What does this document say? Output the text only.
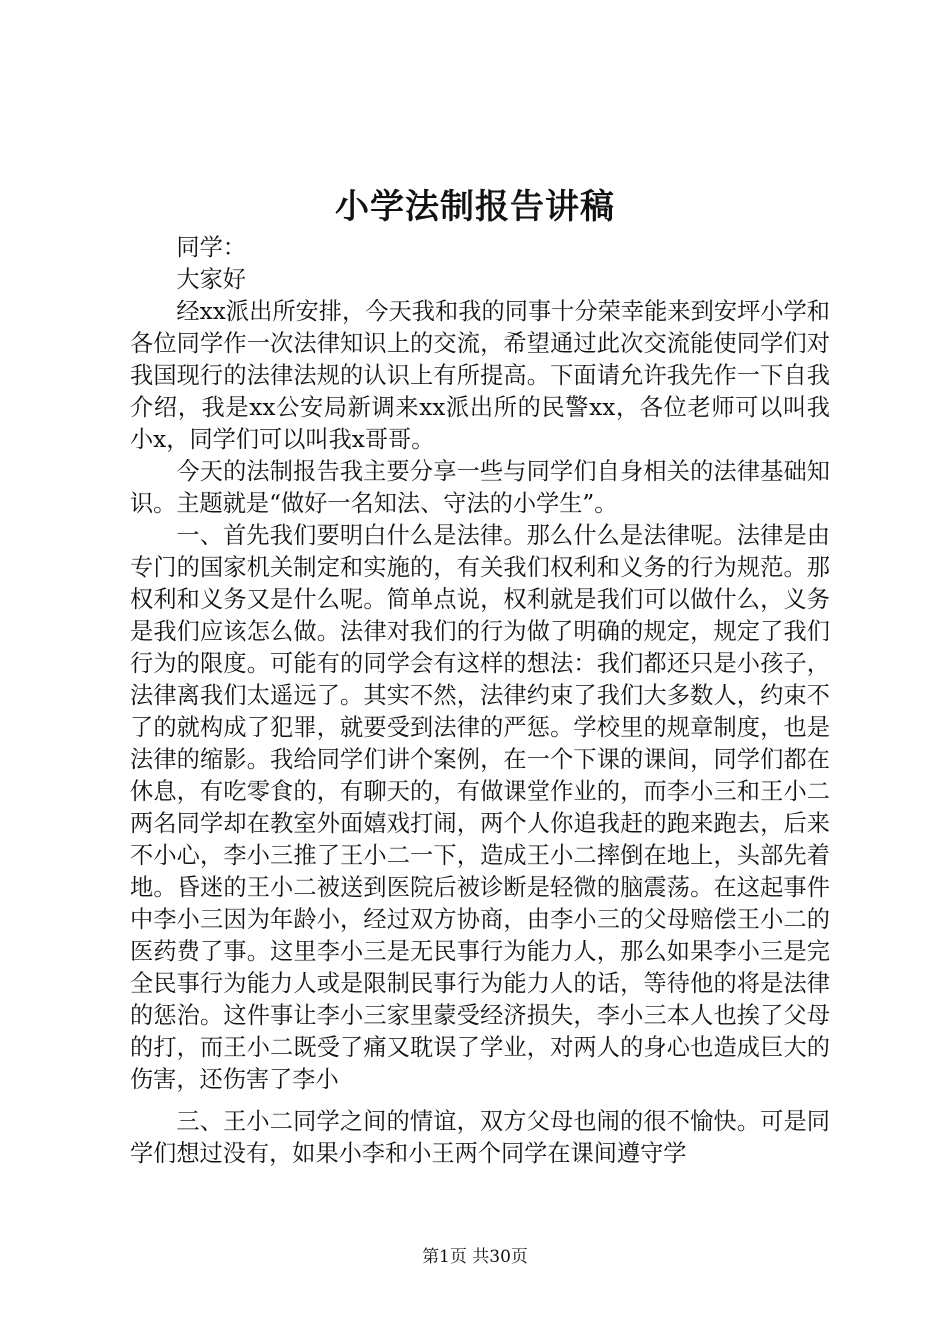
小学法制报告讲稿

同学：

大家好

经xx派出所安排，今天我和我的同事十分荣幸能来到安坪小学和各位同学作一次法律知识上的交流，希望通过此次交流能使同学们对我国现行的法律法规的认识上有所提高。下面请允许我先作一下自我介绍，我是xx公安局新调来xx派出所的民警xx，各位老师可以叫我小x，同学们可以叫我x哥哥。

今天的法制报告我主要分享一些与同学们自身相关的法律基础知识。主题就是“做好一名知法、守法的小学生”。

一、首先我们要明白什么是法律。那么什么是法律呢。法律是由专门的国家机关制定和实施的，有关我们权利和义务的行为规范。那权利和义务又是什么呢。简单点说，权利就是我们可以做什么，义务是我们应该怎么做。法律对我们的行为做了明确的规定，规定了我们行为的限度。可能有的同学会有这样的想法：我们都还只是小孩子，法律离我们太遥远了。其实不然，法律约束了我们大多数人，约束不了的就构成了犯罪，就要受到法律的严惩。学校里的规章制度，也是法律的缩影。我给同学们讲个案例，在一个下课的课间，同学们都在休息，有吃零食的，有聊天的，有做课堂作业的，而李小三和王小二两名同学却在教室外面嬉戏打闹，两个人你追我赶的跑来跑去，后来不小心，李小三推了王小二一下，造成王小二摔倒在地上，头部先着地。昏迷的王小二被送到医院后被诊断是轻微的脑震荡。在这起事件中李小三因为年龄小，经过双方协商，由李小三的父母赔偿王小二的医药费了事。这里李小三是无民事行为能力人，那么如果李小三是完全民事行为能力人或是限制民事行为能力人的话，等待他的将是法律的惩治。这件事让李小三家里蒙受经济损失，李小三本人也挨了父母的打，而王小二既受了痛又耽误了学业，对两人的身心也造成巨大的伤害，还伤害了李小

三、王小二同学之间的情谊，双方父母也闹的很不愉快。可是同学们想过没有，如果小李和小王两个同学在课间遵守学

第1页 共30页
